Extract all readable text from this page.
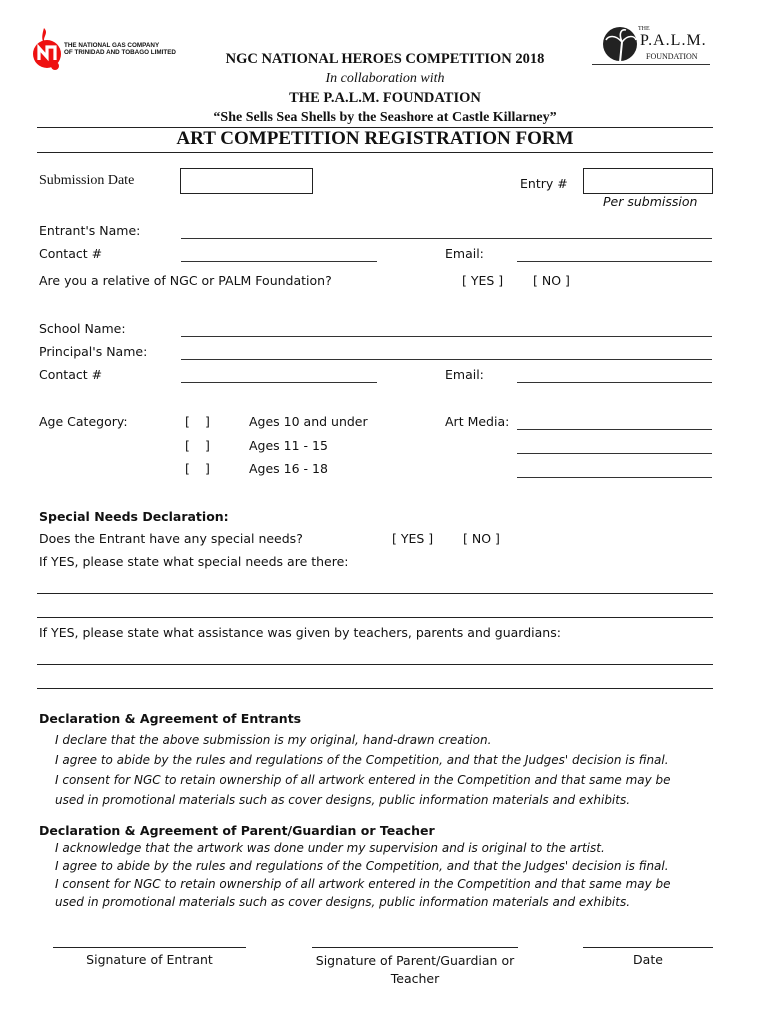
THE NATIONAL GAS COMPANY
OF TRINIDAD AND TOBAGO LIMITED
THE
P.A.L.M.
FOUNDATION
NGC NATIONAL HEROES COMPETITION 2018
In collaboration with
THE P.A.L.M. FOUNDATION
“She Sells Sea Shells by the Seashore at Castle Killarney”
ART COMPETITION REGISTRATION FORM
Submission Date	Entry #
Per submission
Entrant's Name:
Contact #	Email:
Are you a relative of NGC or PALM Foundation?	[ YES ] [ NO ]
School Name:
Principal's Name:
Contact #	Email:
Age Category:	[ ]	Ages 10 and under
[ ]	Ages 11 - 15
[ ]	Ages 16 - 18
Art Media:
Special Needs Declaration:
Does the Entrant have any special needs?	[ YES ] [ NO ]
If YES, please state what special needs are there:
If YES, please state what assistance was given by teachers, parents and guardians:
Declaration & Agreement of Entrants
I declare that the above submission is my original, hand-drawn creation.
I agree to abide by the rules and regulations of the Competition, and that the Judges' decision is final.
I consent for NGC to retain ownership of all artwork entered in the Competition and that same may be
used in promotional materials such as cover designs, public information materials and exhibits.
Declaration & Agreement of Parent/Guardian or Teacher
I acknowledge that the artwork was done under my supervision and is original to the artist.
I agree to abide by the rules and regulations of the Competition, and that the Judges' decision is final.
I consent for NGC to retain ownership of all artwork entered in the Competition and that same may be
used in promotional materials such as cover designs, public information materials and exhibits.
Signature of Entrant	Signature of Parent/Guardian or
Teacher
Date
